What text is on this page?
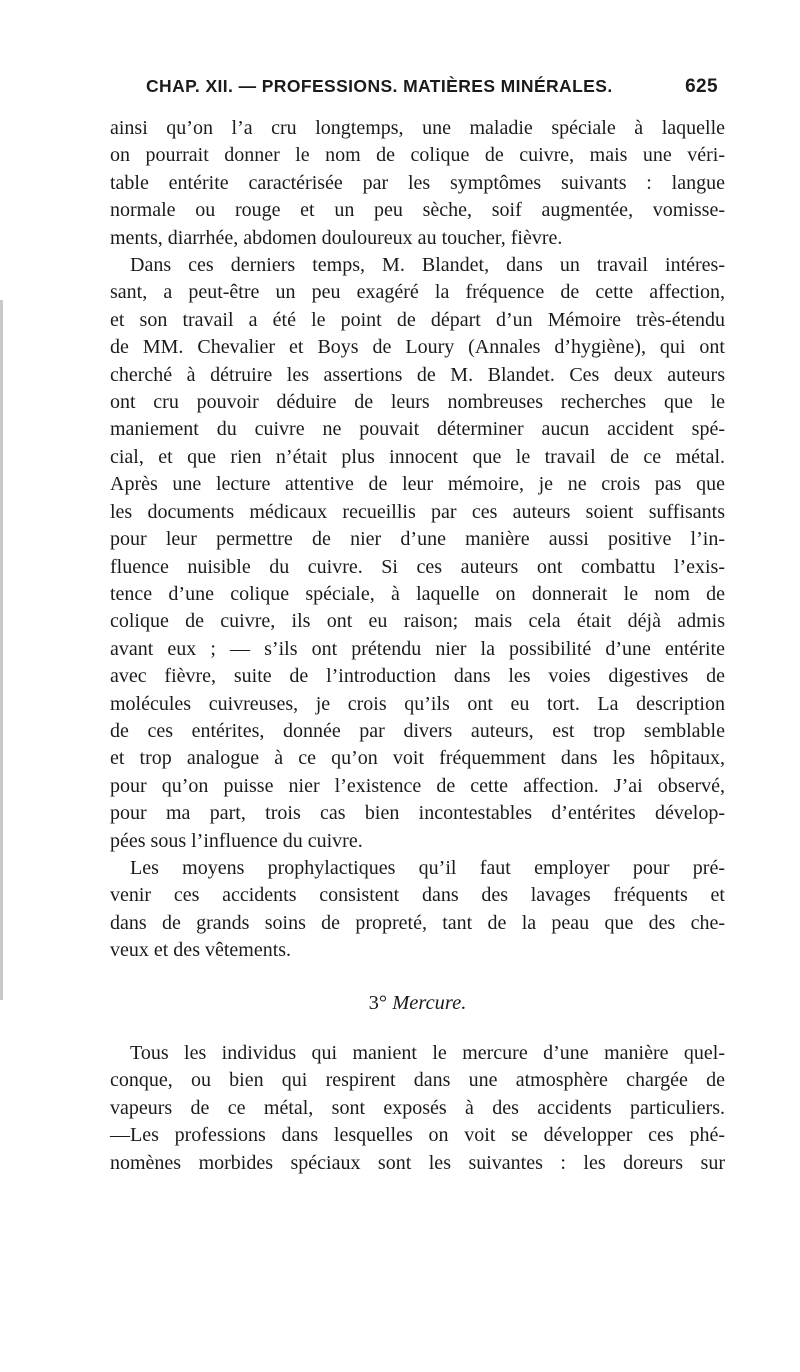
CHAP. XII. — PROFESSIONS. MATIÈRES MINÉRALES.	625

ainsi qu’on l’a cru longtemps, une maladie spéciale à laquelle

on pourrait donner le nom de colique de cuivre, mais une véri-

table entérite caractérisée par les symptômes suivants : langue

normale ou rouge et un peu sèche, soif augmentée, vomisse-

ments, diarrhée, abdomen douloureux au toucher, fièvre.

Dans ces derniers temps, M. Blandet, dans un travail intéres-

sant, a peut-être un peu exagéré la fréquence de cette affection,

et son travail a été le point de départ d’un Mémoire très-étendu

de MM. Chevalier et Boys de Loury (Annales d’hygiène), qui ont

cherché à détruire les assertions de M. Blandet. Ces deux auteurs

ont cru pouvoir déduire de leurs nombreuses recherches que le

maniement du cuivre ne pouvait déterminer aucun accident spé-

cial, et que rien n’était plus innocent que le travail de ce métal.

Après une lecture attentive de leur mémoire, je ne crois pas que

les documents médicaux recueillis par ces auteurs soient suffisants

pour leur permettre de nier d’une manière aussi positive l’in-

fluence nuisible du cuivre. Si ces auteurs ont combattu l’exis-

tence d’une colique spéciale, à laquelle on donnerait le nom de

colique de cuivre, ils ont eu raison; mais cela était déjà admis

avant eux ; — s’ils ont prétendu nier la possibilité d’une entérite

avec fièvre, suite de l’introduction dans les voies digestives de

molécules cuivreuses, je crois qu’ils ont eu tort. La description

de ces entérites, donnée par divers auteurs, est trop semblable

et trop analogue à ce qu’on voit fréquemment dans les hôpitaux,

pour qu’on puisse nier l’existence de cette affection. J’ai observé,

pour ma part, trois cas bien incontestables d’entérites dévelop-

pées sous l’influence du cuivre.

Les moyens prophylactiques qu’il faut employer pour pré-

venir ces accidents consistent dans des lavages fréquents et

dans de grands soins de propreté, tant de la peau que des che-

veux et des vêtements.

3° Mercure.

Tous les individus qui manient le mercure d’une manière quel-

conque, ou bien qui respirent dans une atmosphère chargée de

vapeurs de ce métal, sont exposés à des accidents particuliers.

—Les professions dans lesquelles on voit se développer ces phé-

nomènes morbides spéciaux sont les suivantes : les doreurs sur
